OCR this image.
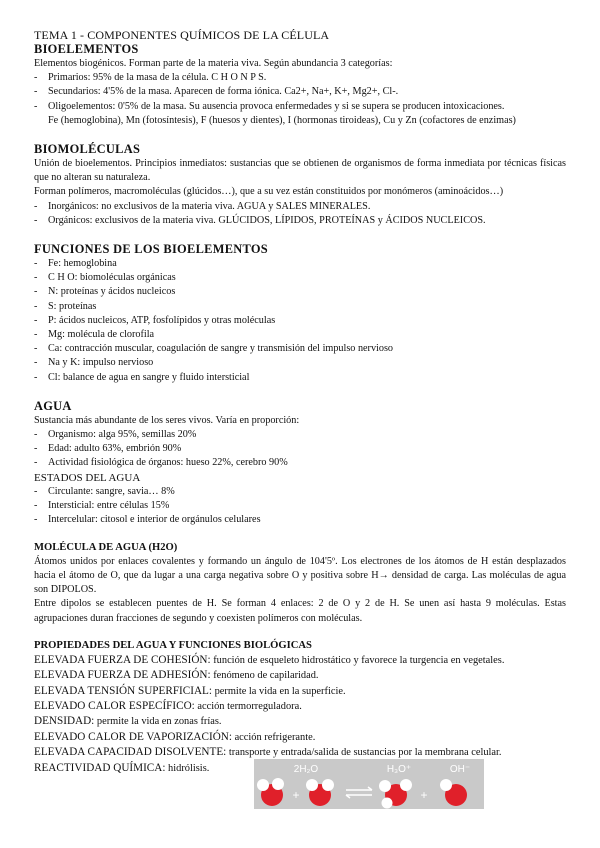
TEMA 1 - COMPONENTES QUÍMICOS DE LA CÉLULA
BIOELEMENTOS

Elementos biogénicos. Forman parte de la materia viva. Según abundancia 3 categorías:

- Primarios: 95% de la masa de la célula. C H O N P S.
- Secundarios: 4'5% de la masa. Aparecen de forma iónica. Ca2+, Na+, K+, Mg2+, Cl-.
- Oligoelementos: 0'5% de la masa. Su ausencia provoca enfermedades y si se supera se producen intoxicaciones.
Fe (hemoglobina), Mn (fotosíntesis), F (huesos y dientes), I (hormonas tiroideas), Cu y Zn (cofactores de enzimas)
BIOMOLÉCULAS

Unión de bioelementos. Principios inmediatos: sustancias que se obtienen de organismos de forma inmediata por técnicas físicas que no alteran su naturaleza.

Forman polímeros, macromoléculas (glúcidos…), que a su vez están constituidos por monómeros (aminoácidos…)

- Inorgánicos: no exclusivos de la materia viva. AGUA y SALES MINERALES.
- Orgánicos: exclusivos de la materia viva. GLÚCIDOS, LÍPIDOS, PROTEÍNAS y ÁCIDOS NUCLEICOS.
FUNCIONES DE LOS BIOELEMENTOS
- Fe: hemoglobina
- C H O: biomoléculas orgánicas
- N: proteínas y ácidos nucleicos
- S: proteínas
- P: ácidos nucleicos, ATP, fosfolípidos y otras moléculas
- Mg: molécula de clorofila
- Ca: contracción muscular, coagulación de sangre y transmisión del impulso nervioso
- Na y K: impulso nervioso
- Cl: balance de agua en sangre y fluido intersticial
AGUA

Sustancia más abundante de los seres vivos. Varía en proporción:

- Organismo: alga 95%, semillas 20%
- Edad: adulto 63%, embrión 90%
- Actividad fisiológica de órganos: hueso 22%, cerebro 90%
ESTADOS DEL AGUA
- Circulante: sangre, savia… 8%
- Intersticial: entre células 15%
- Intercelular: citosol e interior de orgánulos celulares
MOLÉCULA DE AGUA (H2O)

Átomos unidos por enlaces covalentes y formando un ángulo de 104'5º. Los electrones de los átomos de H están desplazados hacia el átomo de O, que da lugar a una carga negativa sobre O y positiva sobre H→ densidad de carga. Las moléculas de agua son DIPOLOS.

Entre dipolos se establecen puentes de H. Se forman 4 enlaces: 2 de O y 2 de H. Se unen así hasta 9 moléculas. Estas agrupaciones duran fracciones de segundo y coexisten polímeros con moléculas.

PROPIEDADES DEL AGUA Y FUNCIONES BIOLÓGICAS
ELEVADA FUERZA DE COHESIÓN: función de esqueleto hidrostático y favorece la turgencia en vegetales.
ELEVADA FUERZA DE ADHESIÓN: fenómeno de capilaridad.
ELEVADA TENSIÓN SUPERFICIAL: permite la vida en la superficie.
ELEVADO CALOR ESPECÍFICO: acción termorreguladora.
DENSIDAD: permite la vida en zonas frías.
ELEVADO CALOR DE VAPORIZACIÓN: acción refrigerante.
ELEVADA CAPACIDAD DISOLVENTE: transporte y entrada/salida de sustancias por la membrana celular.
REACTIVIDAD QUÍMICA: hidrólisis.	2H₂O	H₃O⁺	OH⁻
+	+
